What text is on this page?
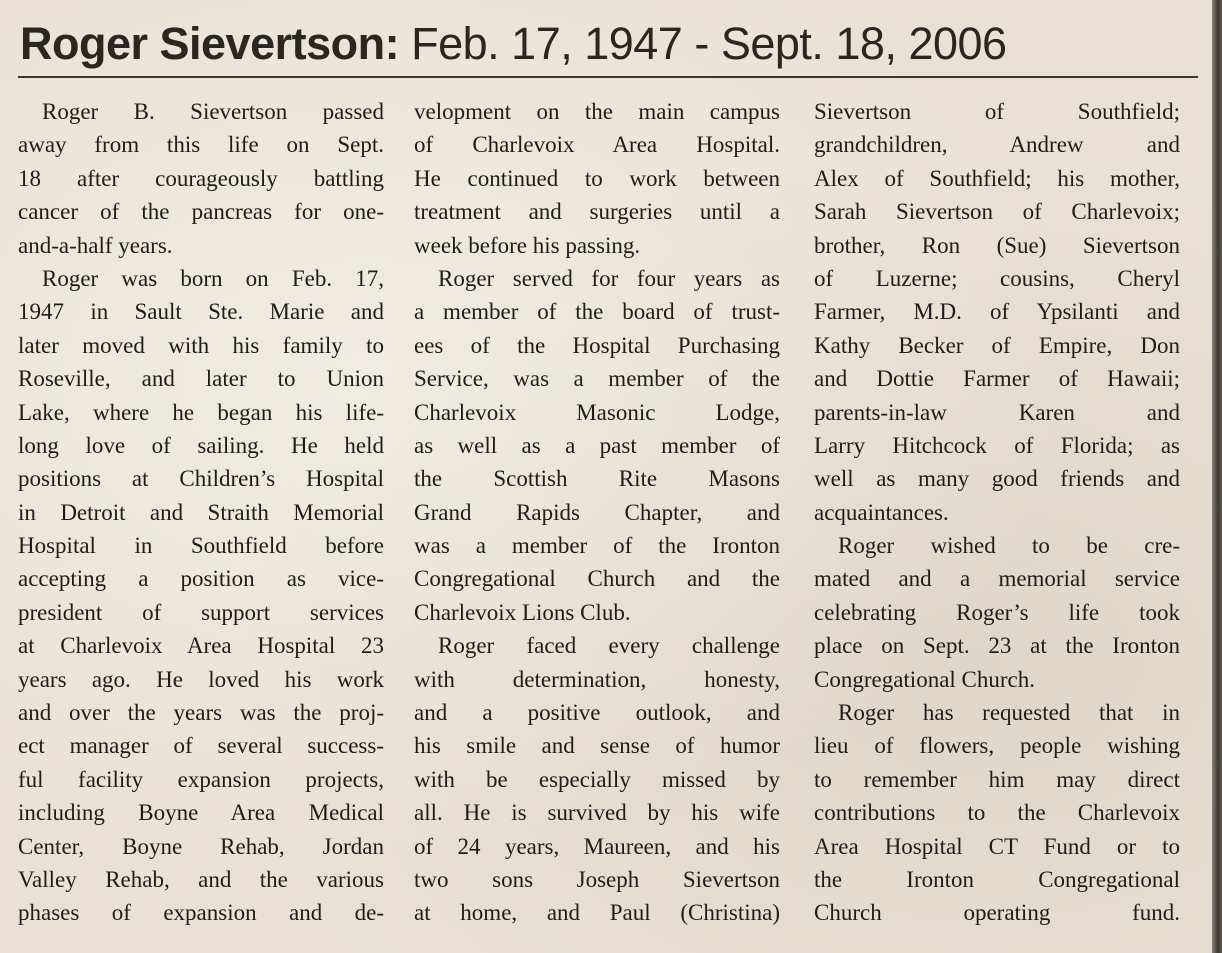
Roger Sievertson: Feb. 17, 1947 - Sept. 18, 2006
Roger B. Sievertson passed
away from this life on Sept.
18 after courageously battling
cancer of the pancreas for one-
and-a-half years.
Roger was born on Feb. 17,
1947 in Sault Ste. Marie and
later moved with his family to
Roseville, and later to Union
Lake, where he began his life-
long love of sailing. He held
positions at Children’s Hospital
in Detroit and Straith Memorial
Hospital in Southfield before
accepting a position as vice-
president of support services
at Charlevoix Area Hospital 23
years ago. He loved his work
and over the years was the proj-
ect manager of several success-
ful facility expansion projects,
including Boyne Area Medical
Center, Boyne Rehab, Jordan
Valley Rehab, and the various
phases of expansion and de-
velopment on the main campus
of Charlevoix Area Hospital.
He continued to work between
treatment and surgeries until a
week before his passing.
Roger served for four years as
a member of the board of trust-
ees of the Hospital Purchasing
Service, was a member of the
Charlevoix Masonic Lodge,
as well as a past member of
the Scottish Rite Masons
Grand Rapids Chapter, and
was a member of the Ironton
Congregational Church and the
Charlevoix Lions Club.
Roger faced every challenge
with determination, honesty,
and a positive outlook, and
his smile and sense of humor
with be especially missed by
all. He is survived by his wife
of 24 years, Maureen, and his
two sons Joseph Sievertson
at home, and Paul (Christina)
Sievertson of Southfield;
grandchildren, Andrew and
Alex of Southfield; his mother,
Sarah Sievertson of Charlevoix;
brother, Ron (Sue) Sievertson
of Luzerne; cousins, Cheryl
Farmer, M.D. of Ypsilanti and
Kathy Becker of Empire, Don
and Dottie Farmer of Hawaii;
parents-in-law Karen and
Larry Hitchcock of Florida; as
well as many good friends and
acquaintances.
Roger wished to be cre-
mated and a memorial service
celebrating Roger’s life took
place on Sept. 23 at the Ironton
Congregational Church.
Roger has requested that in
lieu of flowers, people wishing
to remember him may direct
contributions to the Charlevoix
Area Hospital CT Fund or to
the Ironton Congregational
Church operating fund.
